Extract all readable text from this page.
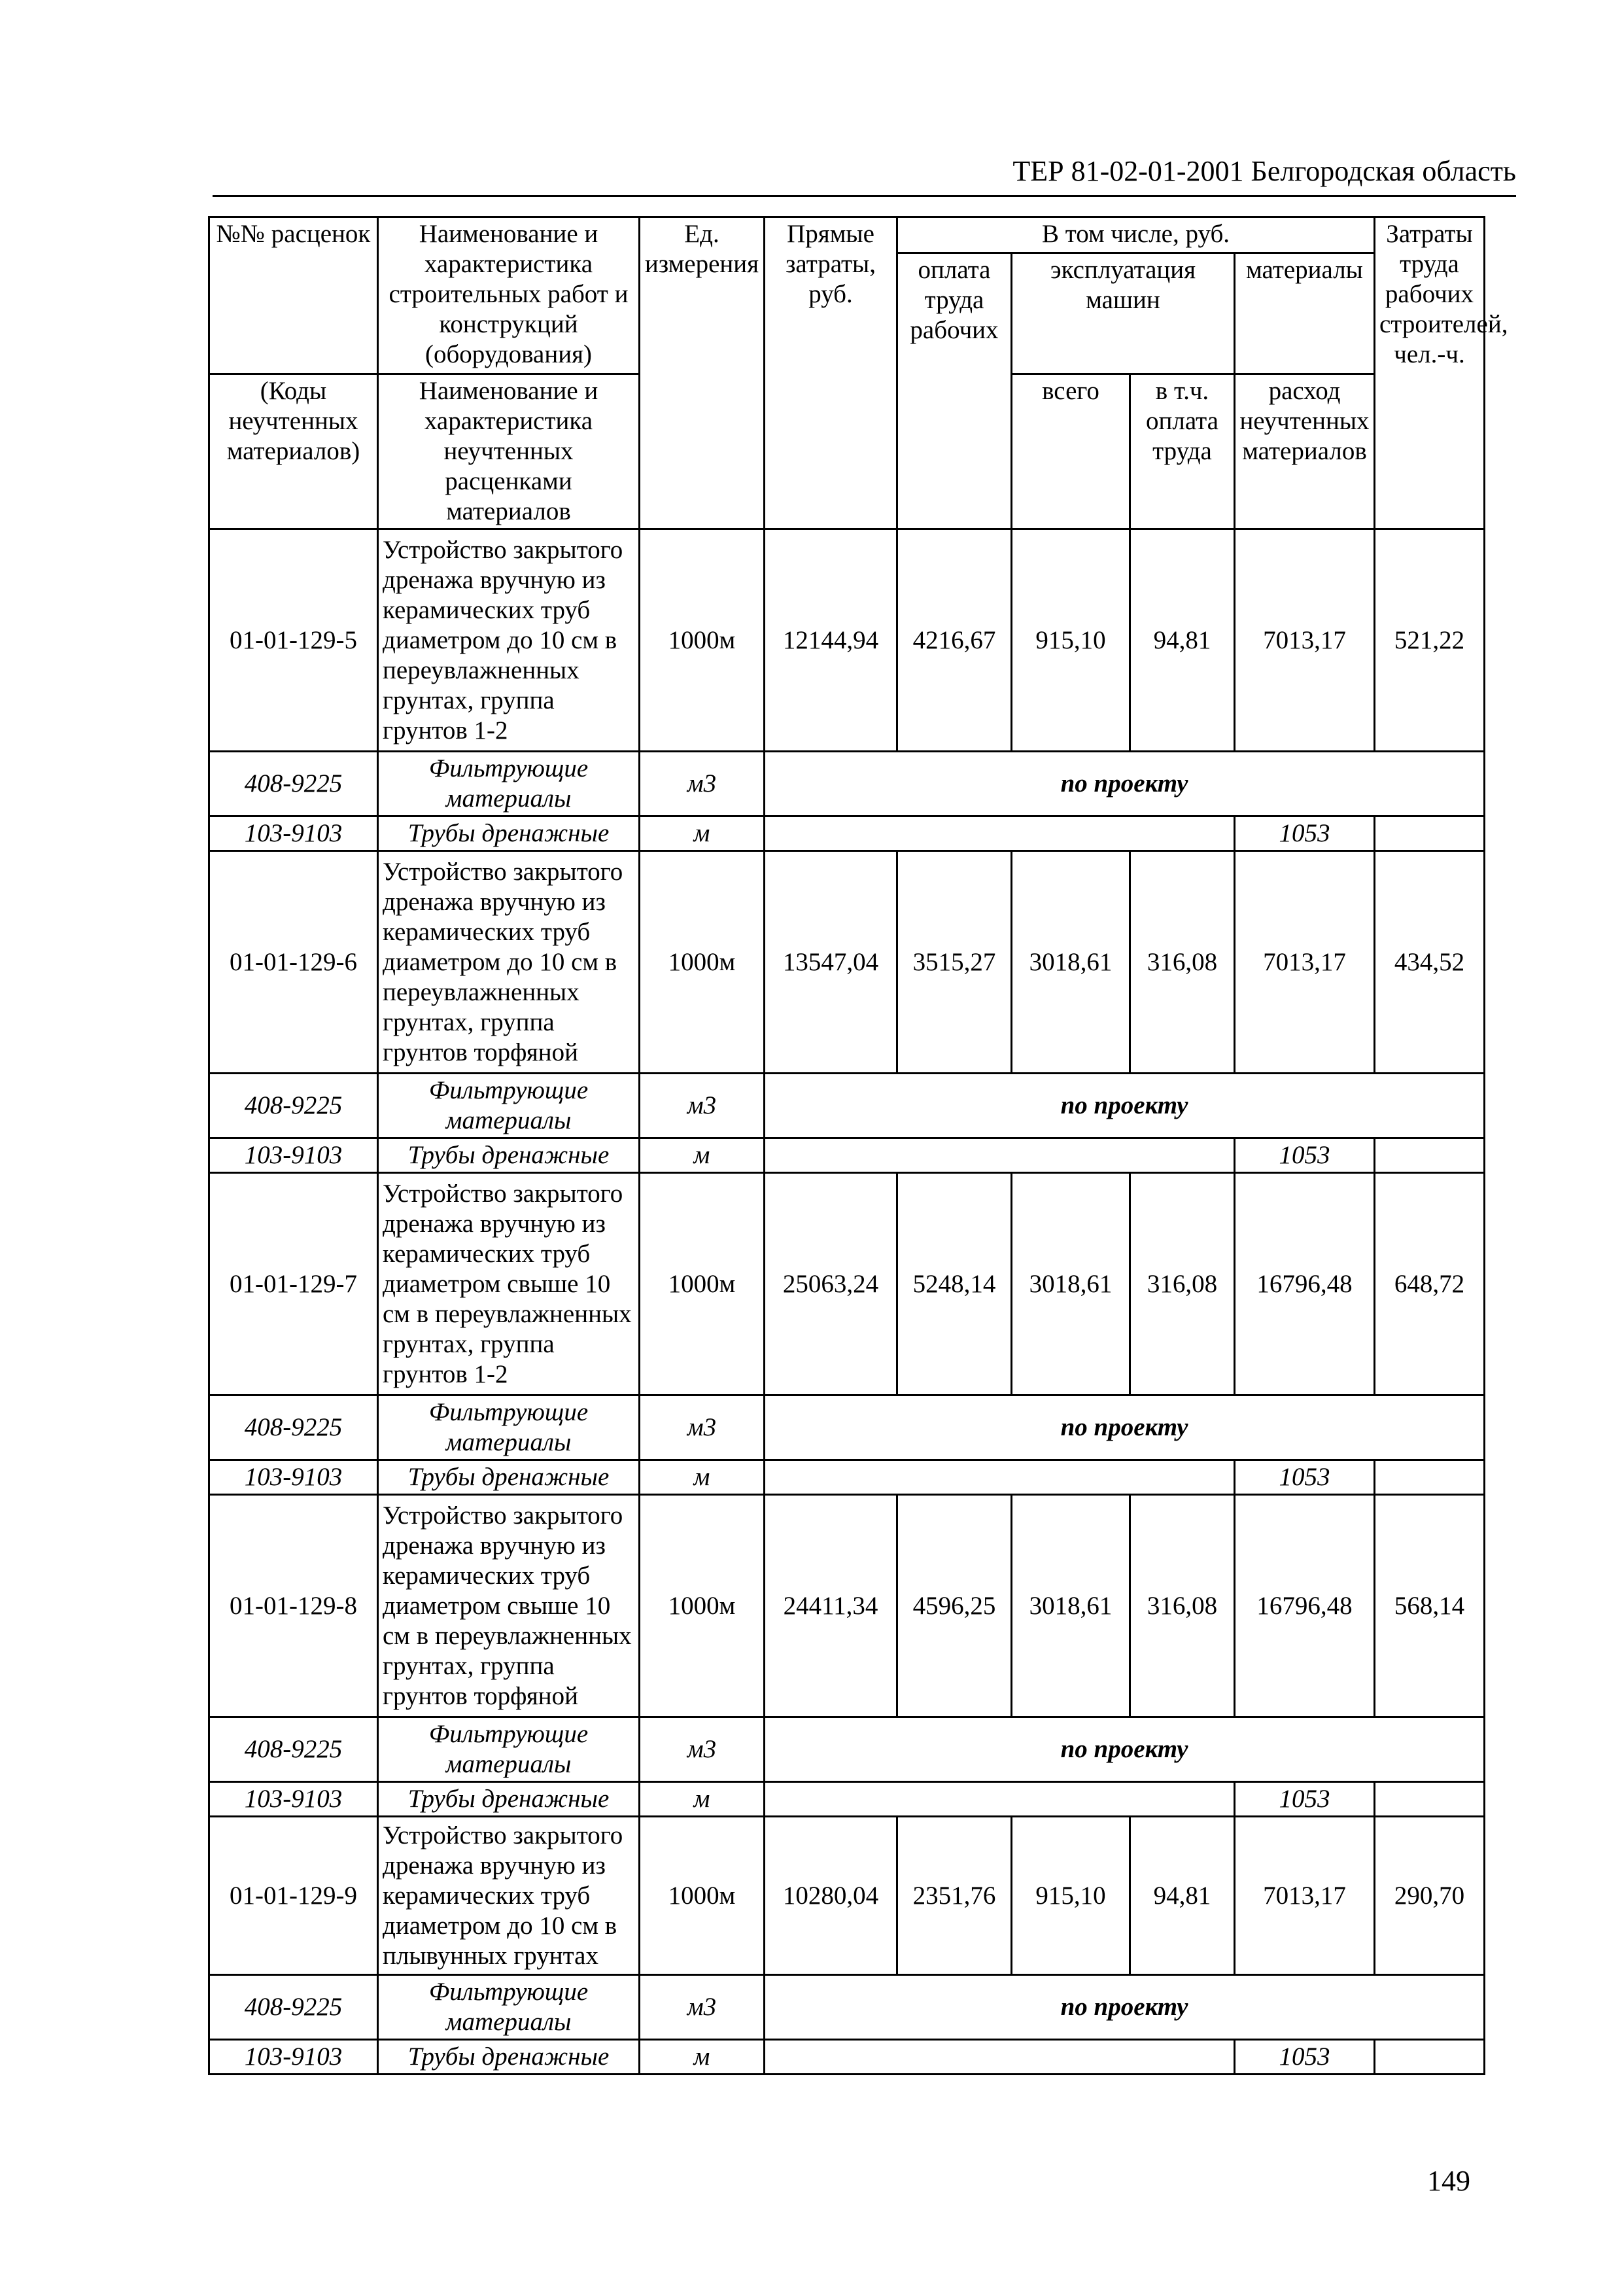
ТЕР 81-02-01-2001 Белгородская область
№№ расценок	Наименование и характеристика строительных работ и конструкций (оборудования)	Ед. измерения	Прямые затраты, руб.	В том числе, руб.				Затраты труда рабочих строителей, чел.-ч.
				оплата труда рабочих	эксплуатация машин		материалы	
(Коды неучтенных материалов)	Наименование и характеристика неучтенных расценками материалов				всего	в т.ч. оплата труда	расход неучтенных материалов	

01-01-129-5	Устройство закрытого дренажа вручную из керамических труб диаметром до 10 см в переувлажненных грунтах, группа грунтов 1-2	1000м	12144,94	4216,67	915,10	94,81	7013,17	521,22
408-9225	Фильтрующие материалы	м3	по проекту					
103-9103	Трубы дренажные	м					1053	
01-01-129-6	Устройство закрытого дренажа вручную из керамических труб диаметром до 10 см в переувлажненных грунтах, группа грунтов торфяной	1000м	13547,04	3515,27	3018,61	316,08	7013,17	434,52
408-9225	Фильтрующие материалы	м3	по проекту					
103-9103	Трубы дренажные	м					1053	
01-01-129-7	Устройство закрытого дренажа вручную из керамических труб диаметром свыше 10 см в переувлажненных грунтах, группа грунтов 1-2	1000м	25063,24	5248,14	3018,61	316,08	16796,48	648,72
408-9225	Фильтрующие материалы	м3	по проекту					
103-9103	Трубы дренажные	м					1053	
01-01-129-8	Устройство закрытого дренажа вручную из керамических труб диаметром свыше 10 см в переувлажненных грунтах, группа грунтов торфяной	1000м	24411,34	4596,25	3018,61	316,08	16796,48	568,14
408-9225	Фильтрующие материалы	м3	по проекту					
103-9103	Трубы дренажные	м					1053	
01-01-129-9	Устройство закрытого дренажа вручную из керамических труб диаметром до 10 см в плывунных грунтах	1000м	10280,04	2351,76	915,10	94,81	7013,17	290,70
408-9225	Фильтрующие материалы	м3	по проекту					
103-9103	Трубы дренажные	м					1053	
149
